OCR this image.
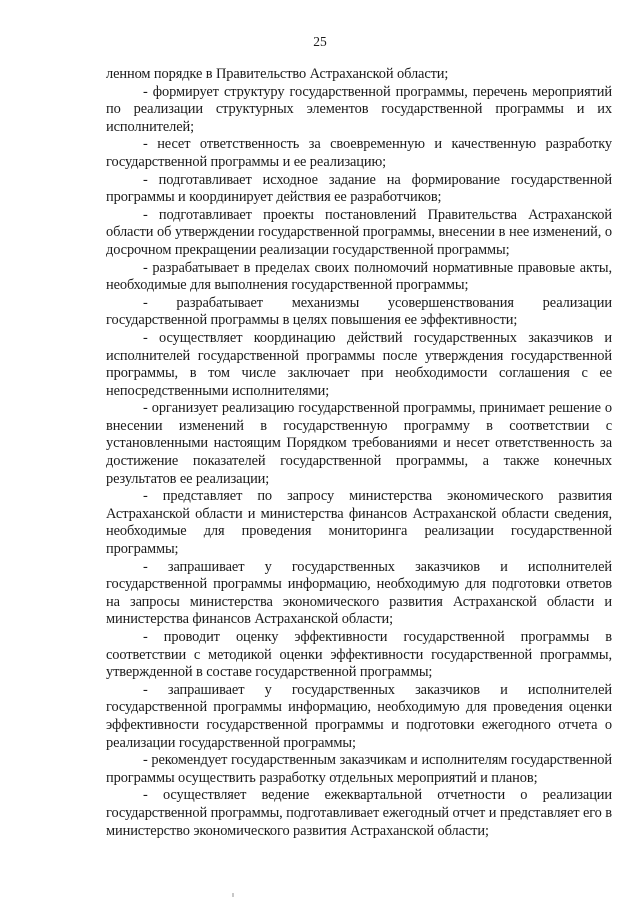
25

ленном порядке в Правительство Астраханской области;

- формирует структуру государственной программы, перечень мероприятий по реализации структурных элементов государственной программы и их исполнителей;

- несет ответственность за своевременную и качественную разработку государственной программы и ее реализацию;

- подготавливает исходное задание на формирование государственной программы и координирует действия ее разработчиков;

- подготавливает проекты постановлений Правительства Астраханской области об утверждении государственной программы, внесении в нее изменений, о досрочном прекращении реализации государственной программы;

- разрабатывает в пределах своих полномочий нормативные правовые акты, необходимые для выполнения государственной программы;

- разрабатывает механизмы усовершенствования реализации государственной программы в целях повышения ее эффективности;

- осуществляет координацию действий государственных заказчиков и исполнителей государственной программы после утверждения государственной программы, в том числе заключает при необходимости соглашения с ее непосредственными исполнителями;

- организует реализацию государственной программы, принимает решение о внесении изменений в государственную программу в соответствии с установленными настоящим Порядком требованиями и несет ответственность за достижение показателей государственной программы, а также конечных результатов ее реализации;

- представляет по запросу министерства экономического развития Астраханской области и министерства финансов Астраханской области сведения, необходимые для проведения мониторинга реализации государственной программы;

- запрашивает у государственных заказчиков и исполнителей государственной программы информацию, необходимую для подготовки ответов на запросы министерства экономического развития Астраханской области и министерства финансов Астраханской области;

- проводит оценку эффективности государственной программы в соответствии с методикой оценки эффективности государственной программы, утвержденной в составе государственной программы;

- запрашивает у государственных заказчиков и исполнителей государственной программы информацию, необходимую для проведения оценки эффективности государственной программы и подготовки ежегодного отчета о реализации государственной программы;

- рекомендует государственным заказчикам и исполнителям государственной программы осуществить разработку отдельных мероприятий и планов;

- осуществляет ведение ежеквартальной отчетности о реализации государственной программы, подготавливает ежегодный отчет и представляет его в министерство экономического развития Астраханской области;
